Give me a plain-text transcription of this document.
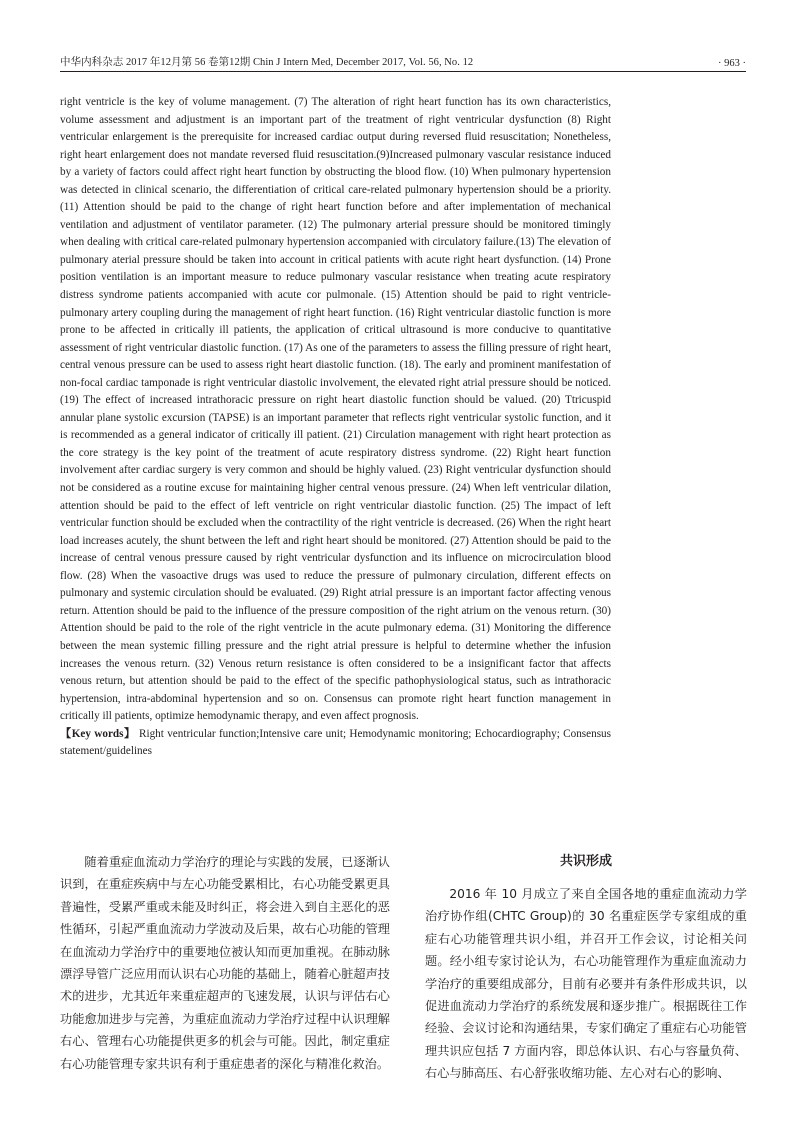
中华内科杂志 2017 年12月第 56 卷第12期 Chin J Intern Med, December 2017, Vol. 56, No. 12	· 963 ·

right ventricle is the key of volume management. (7) The alteration of right heart function has its own characteristics, volume assessment and adjustment is an important part of the treatment of right ventricular dysfunction (8) Right ventricular enlargement is the prerequisite for increased cardiac output during reversed fluid resuscitation; Nonetheless, right heart enlargement does not mandate reversed fluid resuscitation.(9)Increased pulmonary vascular resistance induced by a variety of factors could affect right heart function by obstructing the blood flow. (10) When pulmonary hypertension was detected in clinical scenario, the differentiation of critical care-related pulmonary hypertension should be a priority. (11) Attention should be paid to the change of right heart function before and after implementation of mechanical ventilation and adjustment of ventilator parameter. (12) The pulmonary arterial pressure should be monitored timingly when dealing with critical care-related pulmonary hypertension accompanied with circulatory failure.(13) The elevation of pulmonary aterial pressure should be taken into account in critical patients with acute right heart dysfunction. (14) Prone position ventilation is an important measure to reduce pulmonary vascular resistance when treating acute respiratory distress syndrome patients accompanied with acute cor pulmonale. (15) Attention should be paid to right ventricle-pulmonary artery coupling during the management of right heart function. (16) Right ventricular diastolic function is more prone to be affected in critically ill patients, the application of critical ultrasound is more conducive to quantitative assessment of right ventricular diastolic function. (17) As one of the parameters to assess the filling pressure of right heart, central venous pressure can be used to assess right heart diastolic function. (18). The early and prominent manifestation of non-focal cardiac tamponade is right ventricular diastolic involvement, the elevated right atrial pressure should be noticed. (19) The effect of increased intrathoracic pressure on right heart diastolic function should be valued. (20) Ttricuspid annular plane systolic excursion (TAPSE) is an important parameter that reflects right ventricular systolic function, and it is recommended as a general indicator of critically ill patient. (21) Circulation management with right heart protection as the core strategy is the key point of the treatment of acute respiratory distress syndrome. (22) Right heart function involvement after cardiac surgery is very common and should be highly valued. (23) Right ventricular dysfunction should not be considered as a routine excuse for maintaining higher central venous pressure. (24) When left ventricular dilation, attention should be paid to the effect of left ventricle on right ventricular diastolic function. (25) The impact of left ventricular function should be excluded when the contractility of the right ventricle is decreased. (26) When the right heart load increases acutely, the shunt between the left and right heart should be monitored. (27) Attention should be paid to the increase of central venous pressure caused by right ventricular dysfunction and its influence on microcirculation blood flow. (28) When the vasoactive drugs was used to reduce the pressure of pulmonary circulation, different effects on pulmonary and systemic circulation should be evaluated. (29) Right atrial pressure is an important factor affecting venous return. Attention should be paid to the influence of the pressure composition of the right atrium on the venous return. (30) Attention should be paid to the role of the right ventricle in the acute pulmonary edema. (31) Monitoring the difference between the mean systemic filling pressure and the right atrial pressure is helpful to determine whether the infusion increases the venous return. (32) Venous return resistance is often considered to be a insignificant factor that affects venous return, but attention should be paid to the effect of the specific pathophysiological status, such as intrathoracic hypertension, intra-abdominal hypertension and so on. Consensus can promote right heart function management in critically ill patients, optimize hemodynamic therapy, and even affect prognosis.

【Key words】 Right ventricular function;Intensive care unit; Hemodynamic monitoring; Echocardiography; Consensus statement/guidelines

随着重症血流动力学治疗的理论与实践的发展，已逐渐认识到，在重症疾病中与左心功能受累相比，右心功能受累更具普遍性，受累严重或未能及时纠正，将会进入到自主恶化的恶性循环，引起严重血流动力学波动及后果，故右心功能的管理在血流动力学治疗中的重要地位被认知而更加重视。在肺动脉漂浮导管广泛应用而认识右心功能的基础上，随着心脏超声技术的进步，尤其近年来重症超声的飞速发展，认识与评估右心功能愈加进步与完善，为重症血流动力学治疗过程中认识理解右心、管理右心功能提供更多的机会与可能。因此，制定重症右心功能管理专家共识有利于重症患者的深化与精准化救治。

共识形成

2016 年 10 月成立了来自全国各地的重症血流动力学治疗协作组(CHTC Group)的 30 名重症医学专家组成的重症右心功能管理共识小组，并召开工作会议，讨论相关问题。经小组专家讨论认为，右心功能管理作为重症血流动力学治疗的重要组成部分，目前有必要并有条件形成共识，以促进血流动力学治疗的系统发展和逐步推广。根据既往工作经验、会议讨论和沟通结果，专家们确定了重症右心功能管理共识应包括 7 方面内容，即总体认识、右心与容量负荷、右心与肺高压、右心舒张收缩功能、左心对右心的影响、
